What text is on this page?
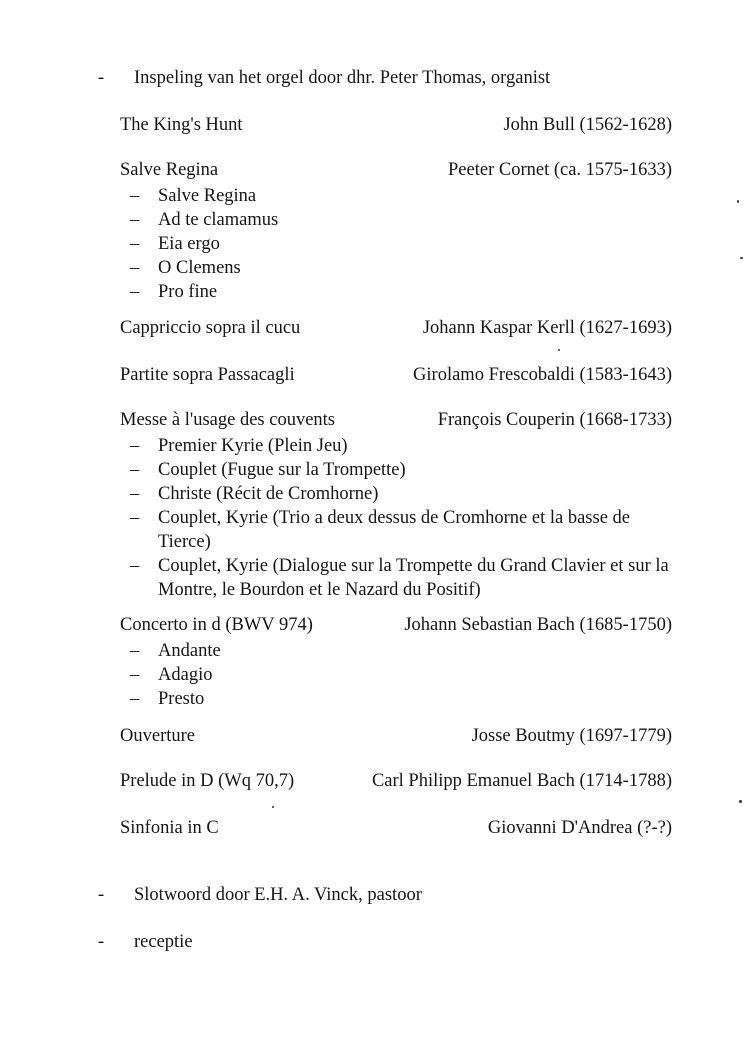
-	Inspeling van het orgel door dhr. Peter Thomas, organist
The King's Hunt	John Bull (1562-1628)
Salve Regina	Peeter Cornet (ca. 1575-1633)
– Salve Regina
– Ad te clamamus
– Eia ergo
– O Clemens
– Pro fine
Cappriccio sopra il cucu	Johann Kaspar Kerll (1627-1693)
Partite sopra Passacagli	Girolamo Frescobaldi (1583-1643)
Messe à l'usage des couvents	François Couperin (1668-1733)
– Premier Kyrie (Plein Jeu)
– Couplet (Fugue sur la Trompette)
– Christe (Récit de Cromhorne)
– Couplet, Kyrie (Trio a deux dessus de Cromhorne et la basse de Tierce)
– Couplet, Kyrie (Dialogue sur la Trompette du Grand Clavier et sur la Montre, le Bourdon et le Nazard du Positif)
Concerto in d (BWV 974)	Johann Sebastian Bach (1685-1750)
– Andante
– Adagio
– Presto
Ouverture	Josse Boutmy (1697-1779)
Prelude in D (Wq 70,7)	Carl Philipp Emanuel Bach (1714-1788)
Sinfonia in C	Giovanni D'Andrea (?-?)
-	Slotwoord door E.H. A. Vinck, pastoor
-	receptie
